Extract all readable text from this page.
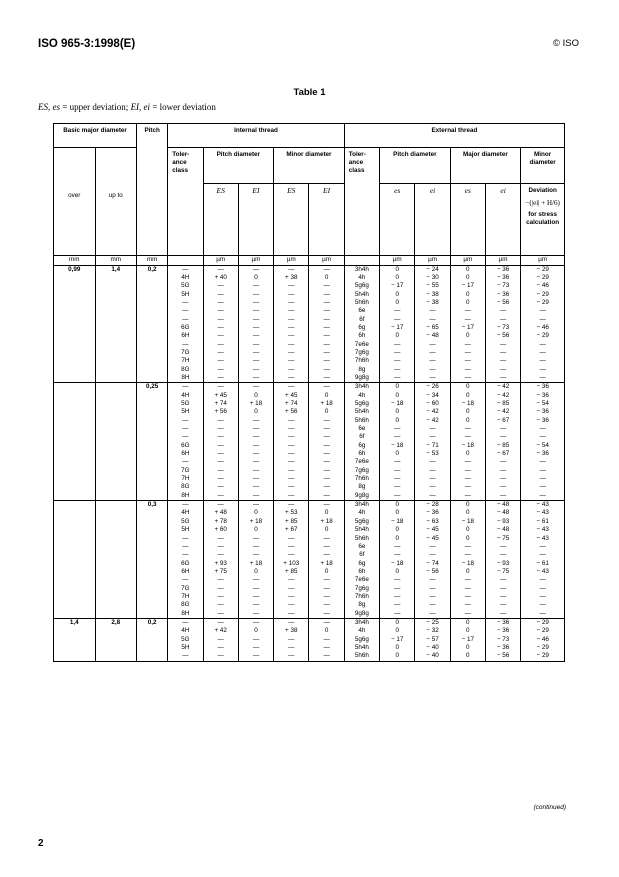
ISO 965-3:1998(E)	© ISO
Table 1
ES, es = upper deviation; EI, ei = lower deviation
Basic major diameter		Pitch	Internal thread					External thread					
			Toler-ance class	Pitch diameter		Minor diameter		Toler-ance class	Pitch diameter		Major diameter		Minor diameter
over	up to			ES	EI	ES	EI		es	ei	es	ei	Deviation
−(|ei| + H/6)
for stress calculation

mm	mm	mm		µm	µm	µm	µm		µm	µm	µm	µm	µm
0,99	1,4	0,2	—	—	—	—	—	3h4h	0	− 24	0	− 36	− 29
			4H	+ 40	0	+ 38	0	4h	0	− 30	0	− 36	− 29
			5G	—	—	—	—	5g6g	− 17	− 55	− 17	− 73	− 46
			5H	—	—	—	—	5h4h	0	− 38	0	− 36	− 29
			—	—	—	—	—	5h6h	0	− 38	0	− 56	− 29
			—	—	—	—	—	6e	—	—	—	—	—
			—	—	—	—	—	6f	—	—	—	—	—
			6G	—	—	—	—	6g	− 17	− 65	− 17	− 73	− 46
			6H	—	—	—	—	6h	0	− 48	0	− 56	− 29
			—	—	—	—	—	7e6e	—	—	—	—	—
			7G	—	—	—	—	7g6g	—	—	—	—	—
			7H	—	—	—	—	7h6h	—	—	—	—	—
			8G	—	—	—	—	8g	—	—	—	—	—
			8H	—	—	—	—	9g8g	—	—	—	—	—
		0,25	—	—	—	—	—	3h4h	0	− 26	0	− 42	− 36
			4H	+ 45	0	+ 45	0	4h	0	− 34	0	− 42	− 36
			5G	+ 74	+ 18	+ 74	+ 18	5g6g	− 18	− 60	− 18	− 85	− 54
			5H	+ 56	0	+ 56	0	5h4h	0	− 42	0	− 42	− 36
			—	—	—	—	—	5h6h	0	− 42	0	− 67	− 36
			—	—	—	—	—	6e	—	—	—	—	—
			—	—	—	—	—	6f	—	—	—	—	—
			6G	—	—	—	—	6g	− 18	− 71	− 18	− 85	− 54
			6H	—	—	—	—	6h	0	− 53	0	− 67	− 36
			—	—	—	—	—	7e6e	—	—	—	—	—
			7G	—	—	—	—	7g6g	—	—	—	—	—
			7H	—	—	—	—	7h6h	—	—	—	—	—
			8G	—	—	—	—	8g	—	—	—	—	—
			8H	—	—	—	—	9g8g	—	—	—	—	—
		0,3	—	—	—	—	—	3h4h	0	− 28	0	− 48	− 43
			4H	+ 48	0	+ 53	0	4h	0	− 36	0	− 48	− 43
			5G	+ 78	+ 18	+ 85	+ 18	5g6g	− 18	− 63	− 18	− 93	− 61
			5H	+ 60	0	+ 67	0	5h4h	0	− 45	0	− 48	− 43
			—	—	—	—	—	5h6h	0	− 45	0	− 75	− 43
			—	—	—	—	—	6e	—	—	—	—	—
			—	—	—	—	—	6f	—	—	—	—	—
			6G	+ 93	+ 18	+ 103	+ 18	6g	− 18	− 74	− 18	− 93	− 61
			6H	+ 75	0	+ 85	0	6h	0	− 56	0	− 75	− 43
			—	—	—	—	—	7e6e	—	—	—	—	—
			7G	—	—	—	—	7g6g	—	—	—	—	—
			7H	—	—	—	—	7h6h	—	—	—	—	—
			8G	—	—	—	—	8g	—	—	—	—	—
			8H	—	—	—	—	9g8g	—	—	—	—	—
1,4	2,8	0,2	—	—	—	—	—	3h4h	0	− 25	0	− 36	− 29
			4H	+ 42	0	+ 38	0	4h	0	− 32	0	− 36	− 29
			5G	—	—	—	—	5g6g	− 17	− 57	− 17	− 73	− 46
			5H	—	—	—	—	5h4h	0	− 40	0	− 36	− 29
			—	—	—	—	—	5h6h	0	− 40	0	− 56	− 29
(continued)
2
